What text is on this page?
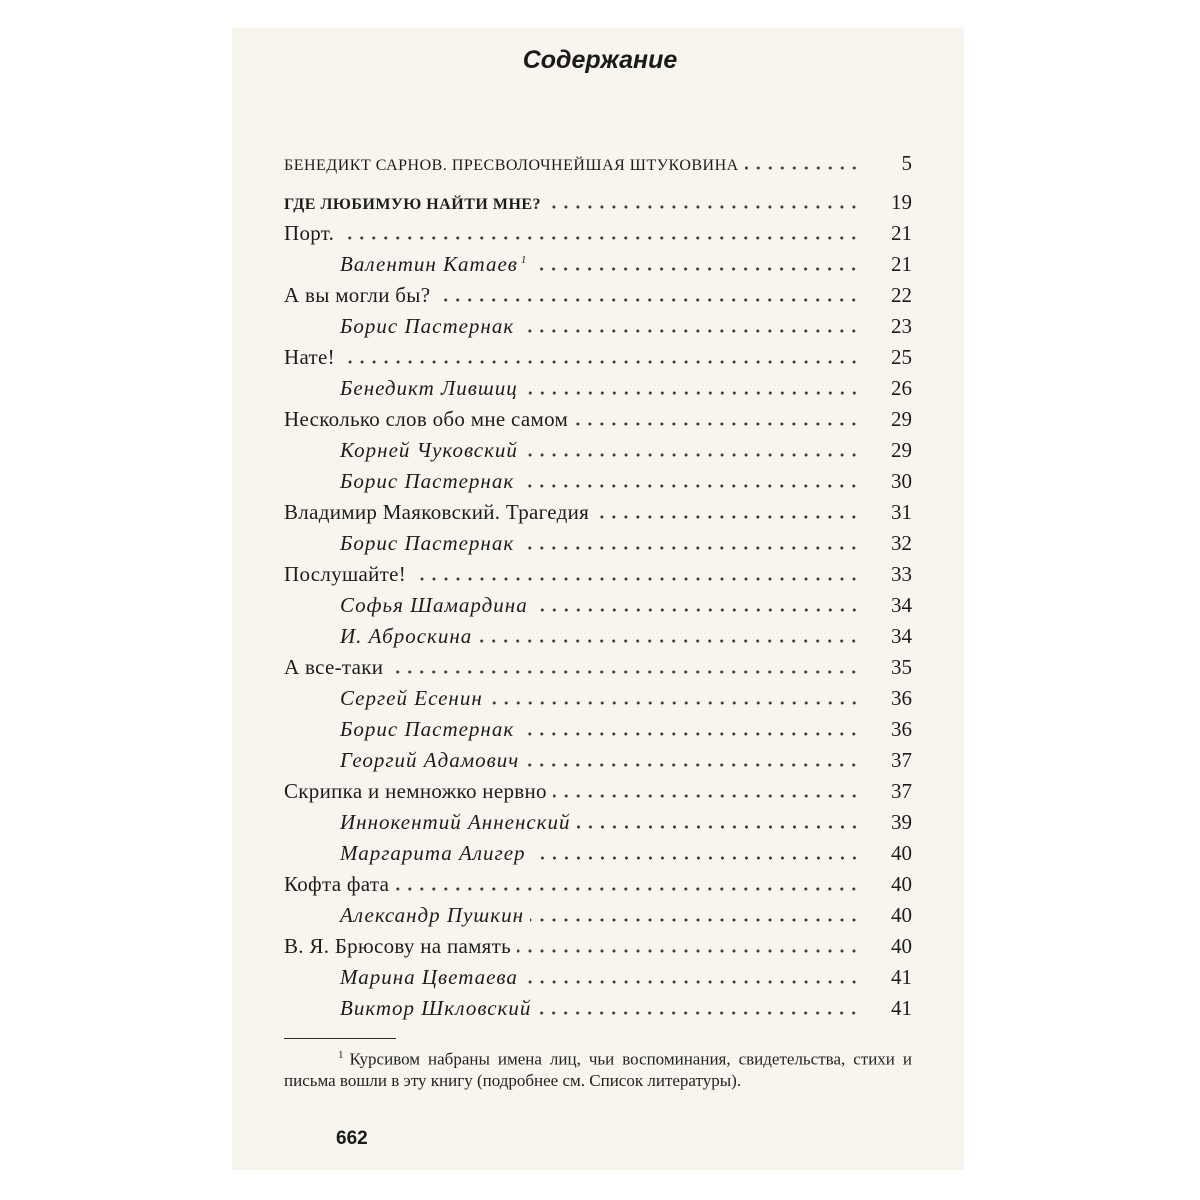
Содержание
БЕНЕДИКТ САРНОВ. ПРЕСВОЛОЧНЕЙШАЯ ШТУКОВИНА	5
ГДЕ ЛЮБИМУЮ НАЙТИ МНЕ?	19
Порт.	21
Валентин Катаев $^1$	21
А вы могли бы?	22
Борис Пастернак	23
Нате!	25
Бенедикт Лившиц	26
Несколько слов обо мне самом	29
Корней Чуковский	29
Борис Пастернак	30
Владимир Маяковский. Трагедия	31
Борис Пастернак	32
Послушайте!	33
Софья Шамардина	34
И. Аброскина	34
А все-таки	35
Сергей Есенин	36
Борис Пастернак	36
Георгий Адамович	37
Скрипка и немножко нервно	37
Иннокентий Анненский	39
Маргарита Алигер	40
Кофта фата	40
Александр Пушкин	40
В. Я. Брюсову на память	40
Марина Цветаева	41
Виктор Шкловский	41
$^1$ Курсивом набраны имена лиц, чьи воспоминания, свидетельства, стихи и письма вошли в эту книгу (подробнее см. Список литературы).
662
